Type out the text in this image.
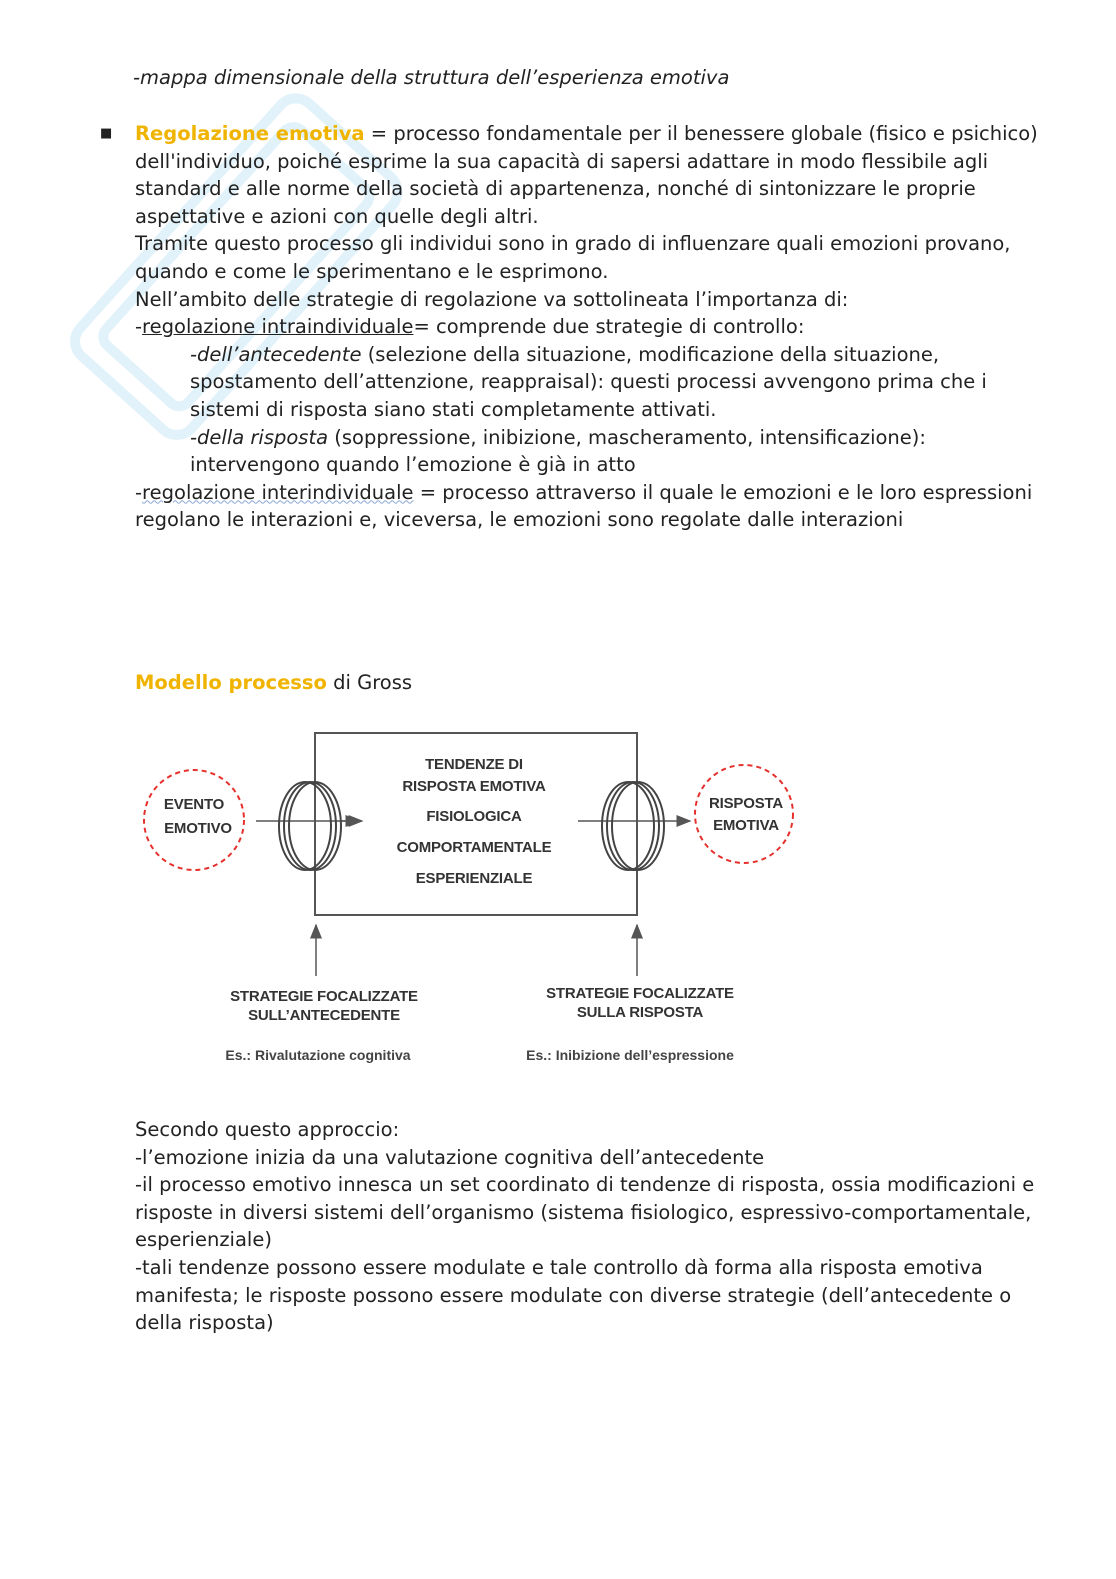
-mappa dimensionale della struttura dell’esperienza emotiva
■ Regolazione emotiva = processo fondamentale per il benessere globale (fisico e psichico) dell'individuo, poiché esprime la sua capacità di sapersi adattare in modo flessibile agli standard e alle norme della società di appartenenza, nonché di sintonizzare le proprie aspettative e azioni con quelle degli altri.

Tramite questo processo gli individui sono in grado di influenzare quali emozioni provano, quando e come le sperimentano e le esprimono.

Nell’ambito delle strategie di regolazione va sottolineata l’importanza di:

-regolazione intraindividuale= comprende due strategie di controllo:

-dell’antecedente (selezione della situazione, modificazione della situazione, spostamento dell’attenzione, reappraisal): questi processi avvengono prima che i sistemi di risposta siano stati completamente attivati.

-della risposta (soppressione, inibizione, mascheramento, intensificazione): intervengono quando l’emozione è già in atto

-regolazione interindividuale = processo attraverso il quale le emozioni e le loro espressioni regolano le interazioni e, viceversa, le emozioni sono regolate dalle interazioni

Modello processo di Gross
EVENTO
EMOTIVO
TENDENZE DI
RISPOSTA EMOTIVA
FISIOLOGICA
COMPORTAMENTALE
ESPERIENZIALE
RISPOSTA
EMOTIVA
STRATEGIE FOCALIZZATE
SULL’ANTECEDENTE
Es.: Rivalutazione cognitiva
STRATEGIE FOCALIZZATE
SULLA RISPOSTA
Es.: Inibizione dell’espressione

Secondo questo approccio:

-l’emozione inizia da una valutazione cognitiva dell’antecedente

-il processo emotivo innesca un set coordinato di tendenze di risposta, ossia modificazioni e risposte in diversi sistemi dell’organismo (sistema fisiologico, espressivo-comportamentale, esperienziale)

-tali tendenze possono essere modulate e tale controllo dà forma alla risposta emotiva manifesta; le risposte possono essere modulate con diverse strategie (dell’antecedente o della risposta)
